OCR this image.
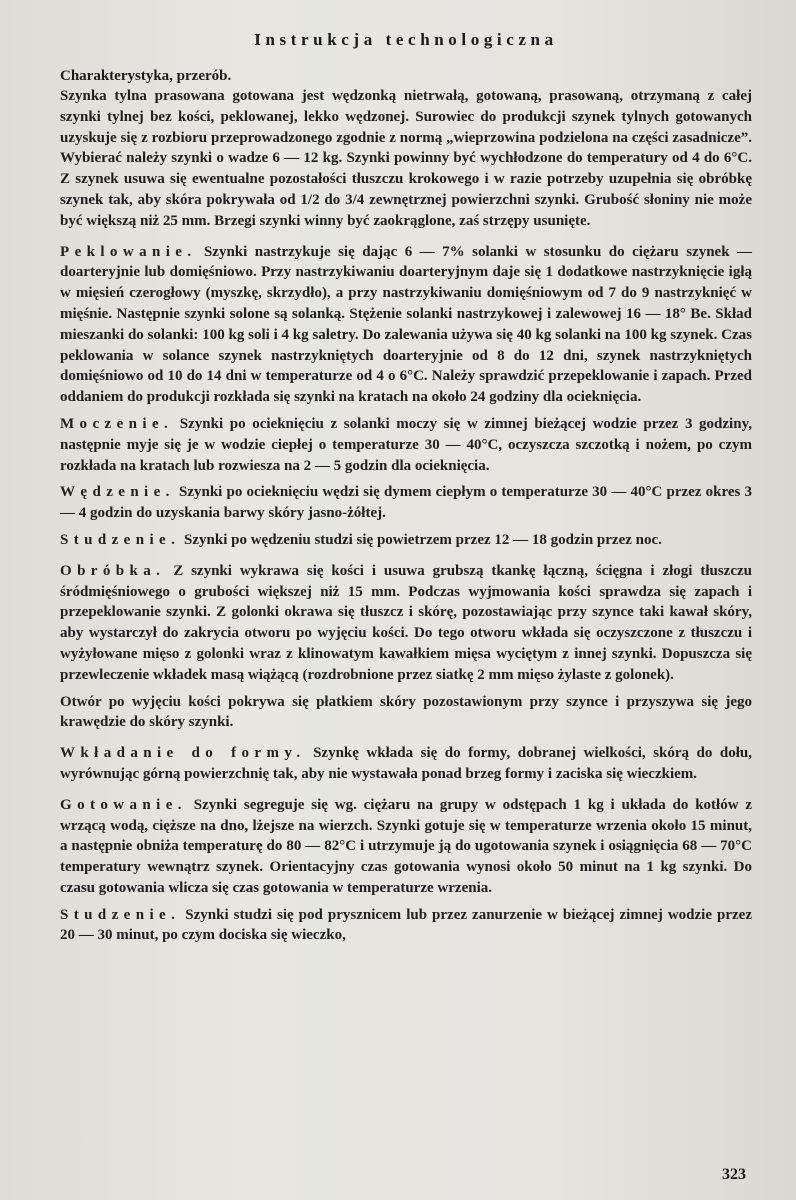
Instrukcja technologiczna
Charakterystyka, przerób.

Szynka tylna prasowana gotowana jest wędzonką nietrwałą, gotowaną, prasowaną, otrzymaną z całej szynki tylnej bez kości, peklowanej, lekko wędzonej. Surowiec do produkcji szynek tylnych gotowanych uzyskuje się z rozbioru przeprowadzonego zgodnie z normą „wieprzowina podzielona na części zasadnicze”. Wybierać należy szynki o wadze 6 — 12 kg. Szynki powinny być wychłodzone do temperatury od 4 do 6°C. Z szynek usuwa się ewentualne pozostałości tłuszczu krokowego i w razie potrzeby uzupełnia się obróbkę szynek tak, aby skóra pokrywała od 1/2 do 3/4 zewnętrznej powierzchni szynki. Grubość słoniny nie może być większą niż 25 mm. Brzegi szynki winny być zaokrąglone, zaś strzępy usunięte.

Peklowanie. Szynki nastrzykuje się dając 6 — 7% solanki w stosunku do ciężaru szynek — doarteryjnie lub domięśniowo. Przy nastrzykiwaniu doarteryjnym daje się 1 dodatkowe nastrzyknięcie igłą w mięsień czerogłowy (myszkę, skrzydło), a przy nastrzykiwaniu domięśniowym od 7 do 9 nastrzyknięć w mięśnie. Następnie szynki solone są solanką. Stężenie solanki nastrzykowej i zalewowej 16 — 18° Be. Skład mieszanki do solanki: 100 kg soli i 4 kg saletry. Do zalewania używa się 40 kg solanki na 100 kg szynek. Czas peklowania w solance szynek nastrzykniętych doarteryjnie od 8 do 12 dni, szynek nastrzykniętych domięśniowo od 10 do 14 dni w temperaturze od 4 o 6°C. Należy sprawdzić przepeklowanie i zapach. Przed oddaniem do produkcji rozkłada się szynki na kratach na około 24 godziny dla ocieknięcia.

Moczenie. Szynki po ocieknięciu z solanki moczy się w zimnej bieżącej wodzie przez 3 godziny, następnie myje się je w wodzie ciepłej o temperaturze 30 — 40°C, oczyszcza szczotką i nożem, po czym rozkłada na kratach lub rozwiesza na 2 — 5 godzin dla ocieknięcia.

Wędzenie. Szynki po ocieknięciu wędzi się dymem ciepłym o temperaturze 30 — 40°C przez okres 3 — 4 godzin do uzyskania barwy skóry jasno-żółtej.

Studzenie. Szynki po wędzeniu studzi się powietrzem przez 12 — 18 godzin przez noc.

Obróbka. Z szynki wykrawa się kości i usuwa grubszą tkankę łączną, ścięgna i złogi tłuszczu śródmięśniowego o grubości większej niż 15 mm. Podczas wyjmowania kości sprawdza się zapach i przepeklowanie szynki. Z golonki okrawa się tłuszcz i skórę, pozostawiając przy szynce taki kawał skóry, aby wystarczył do zakrycia otworu po wyjęciu kości. Do tego otworu wkłada się oczyszczone z tłuszczu i wyżyłowane mięso z golonki wraz z klinowatym kawałkiem mięsa wyciętym z innej szynki. Dopuszcza się przewleczenie wkładek masą wiążącą (rozdrobnione przez siatkę 2 mm mięso żylaste z golonek).

Otwór po wyjęciu kości pokrywa się płatkiem skóry pozostawionym przy szynce i przyszywa się jego krawędzie do skóry szynki.

Wkładanie do formy. Szynkę wkłada się do formy, dobranej wielkości, skórą do dołu, wyrównując górną powierzchnię tak, aby nie wystawała ponad brzeg formy i zaciska się wieczkiem.

Gotowanie. Szynki segreguje się wg. ciężaru na grupy w odstępach 1 kg i układa do kotłów z wrzącą wodą, cięższe na dno, lżejsze na wierzch. Szynki gotuje się w temperaturze wrzenia około 15 minut, a następnie obniża temperaturę do 80 — 82°C i utrzymuje ją do ugotowania szynek i osiągnięcia 68 — 70°C temperatury wewnątrz szynek. Orientacyjny czas gotowania wynosi około 50 minut na 1 kg szynki. Do czasu gotowania wlicza się czas gotowania w temperaturze wrzenia.

Studzenie. Szynki studzi się pod prysznicem lub przez zanurzenie w bieżącej zimnej wodzie przez 20 — 30 minut, po czym dociska się wieczko,

323
